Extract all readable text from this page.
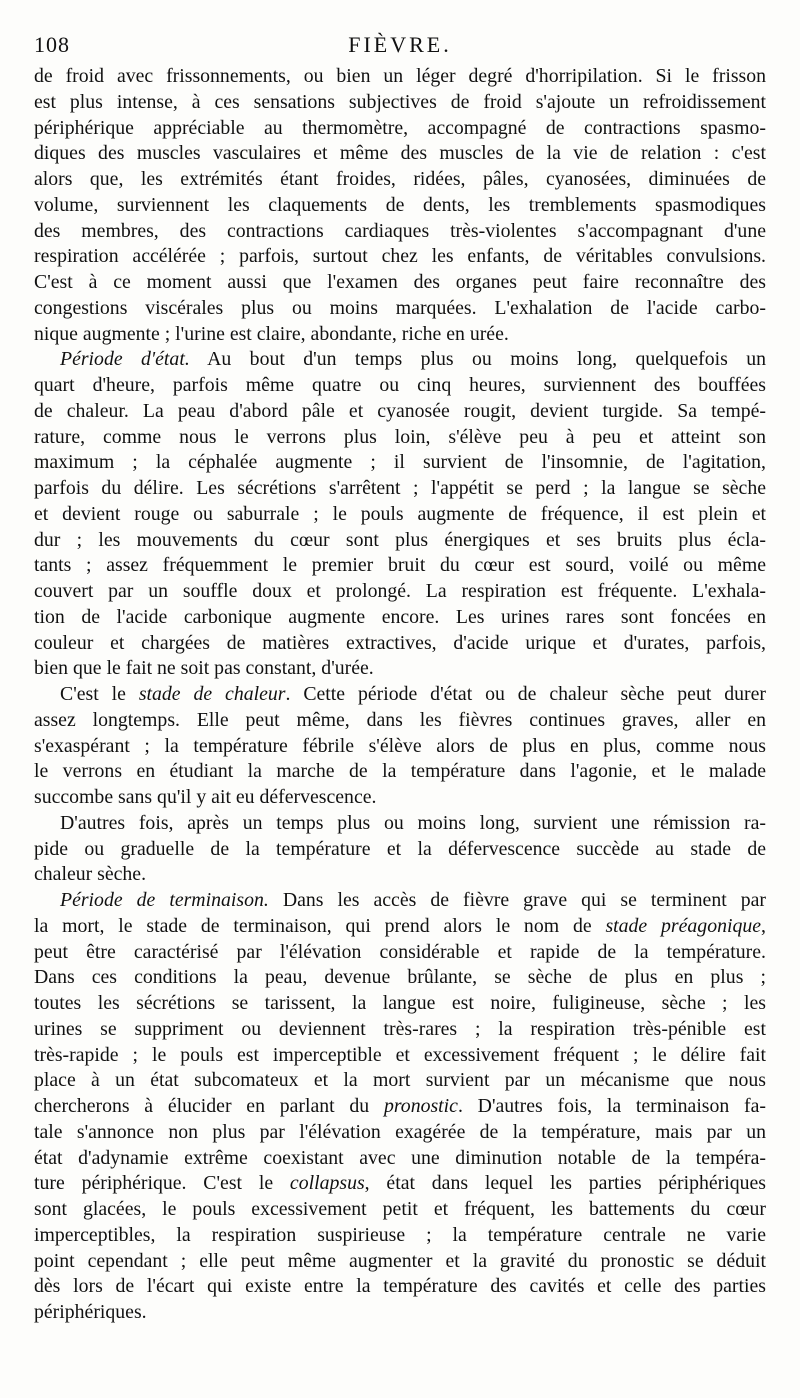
108	FIÈVRE.
de froid avec frissonnements, ou bien un léger degré d'horripilation. Si le frisson
est plus intense, à ces sensations subjectives de froid s'ajoute un refroidissement
périphérique appréciable au thermomètre, accompagné de contractions spasmo-
diques des muscles vasculaires et même des muscles de la vie de relation : c'est
alors que, les extrémités étant froides, ridées, pâles, cyanosées, diminuées de
volume, surviennent les claquements de dents, les tremblements spasmodiques
des membres, des contractions cardiaques très-violentes s'accompagnant d'une
respiration accélérée ; parfois, surtout chez les enfants, de véritables convulsions.
C'est à ce moment aussi que l'examen des organes peut faire reconnaître des
congestions viscérales plus ou moins marquées. L'exhalation de l'acide carbo-
nique augmente ; l'urine est claire, abondante, riche en urée.
Période d'état. Au bout d'un temps plus ou moins long, quelquefois un
quart d'heure, parfois même quatre ou cinq heures, surviennent des bouffées
de chaleur. La peau d'abord pâle et cyanosée rougit, devient turgide. Sa tempé-
rature, comme nous le verrons plus loin, s'élève peu à peu et atteint son
maximum ; la céphalée augmente ; il survient de l'insomnie, de l'agitation,
parfois du délire. Les sécrétions s'arrêtent ; l'appétit se perd ; la langue se sèche
et devient rouge ou saburrale ; le pouls augmente de fréquence, il est plein et
dur ; les mouvements du cœur sont plus énergiques et ses bruits plus écla-
tants ; assez fréquemment le premier bruit du cœur est sourd, voilé ou même
couvert par un souffle doux et prolongé. La respiration est fréquente. L'exhala-
tion de l'acide carbonique augmente encore. Les urines rares sont foncées en
couleur et chargées de matières extractives, d'acide urique et d'urates, parfois,
bien que le fait ne soit pas constant, d'urée.
C'est le stade de chaleur. Cette période d'état ou de chaleur sèche peut durer
assez longtemps. Elle peut même, dans les fièvres continues graves, aller en
s'exaspérant ; la température fébrile s'élève alors de plus en plus, comme nous
le verrons en étudiant la marche de la température dans l'agonie, et le malade
succombe sans qu'il y ait eu défervescence.
D'autres fois, après un temps plus ou moins long, survient une rémission ra-
pide ou graduelle de la température et la défervescence succède au stade de
chaleur sèche.
Période de terminaison. Dans les accès de fièvre grave qui se terminent par
la mort, le stade de terminaison, qui prend alors le nom de stade préagonique,
peut être caractérisé par l'élévation considérable et rapide de la température.
Dans ces conditions la peau, devenue brûlante, se sèche de plus en plus ;
toutes les sécrétions se tarissent, la langue est noire, fuligineuse, sèche ; les
urines se suppriment ou deviennent très-rares ; la respiration très-pénible est
très-rapide ; le pouls est imperceptible et excessivement fréquent ; le délire fait
place à un état subcomateux et la mort survient par un mécanisme que nous
chercherons à élucider en parlant du pronostic. D'autres fois, la terminaison fa-
tale s'annonce non plus par l'élévation exagérée de la température, mais par un
état d'adynamie extrême coexistant avec une diminution notable de la tempéra-
ture périphérique. C'est le collapsus, état dans lequel les parties périphériques
sont glacées, le pouls excessivement petit et fréquent, les battements du cœur
imperceptibles, la respiration suspirieuse ; la température centrale ne varie
point cependant ; elle peut même augmenter et la gravité du pronostic se déduit
dès lors de l'écart qui existe entre la température des cavités et celle des parties
périphériques.
